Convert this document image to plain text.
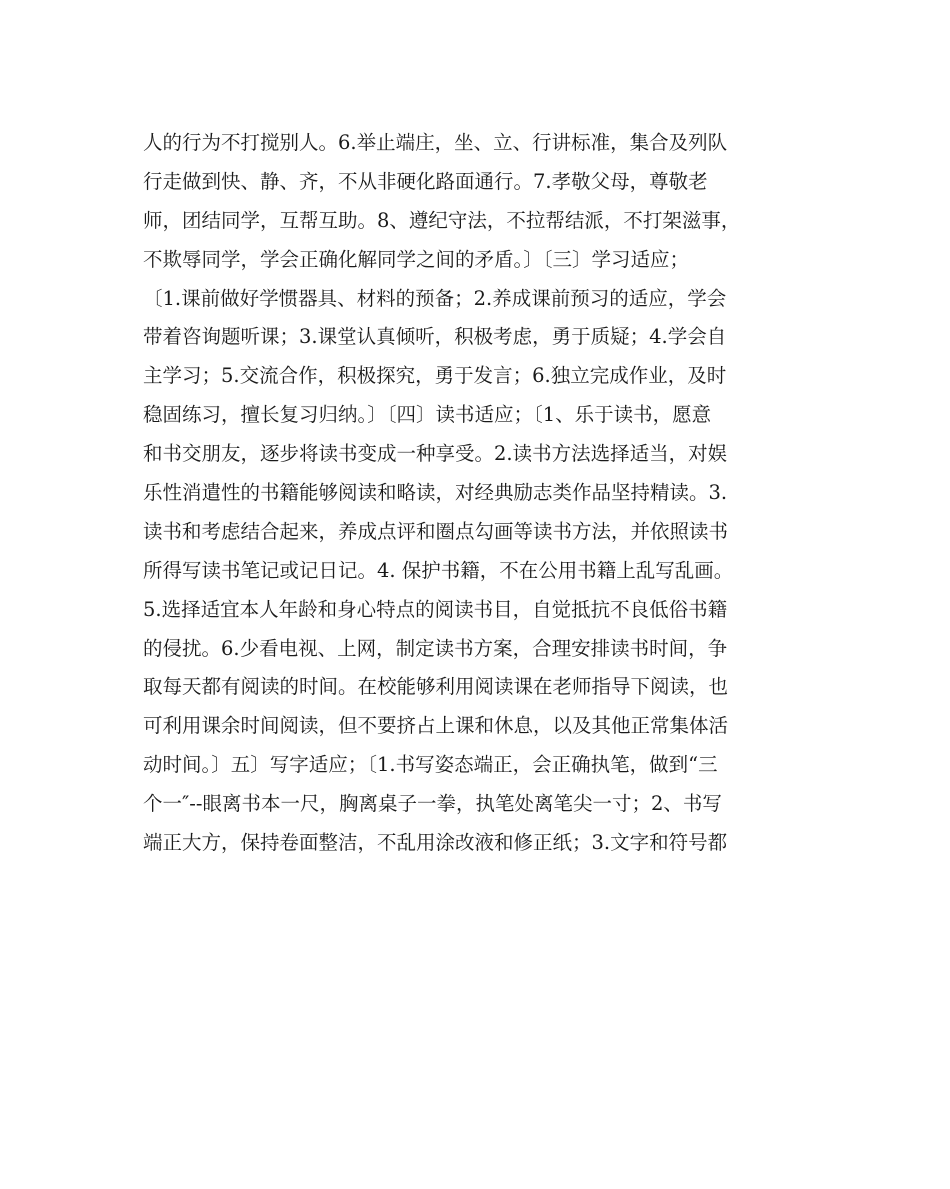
人的行为不打搅别人。6.举止端庄，坐、立、行讲标准，集合及列队
行走做到快、静、齐，不从非硬化路面通行。7.孝敬父母，尊敬老
师，团结同学，互帮互助。8、遵纪守法，不拉帮结派，不打架滋事，
不欺辱同学，学会正确化解同学之间的矛盾。〕〔三〕学习适应；
〔1.课前做好学惯器具、材料的预备；2.养成课前预习的适应，学会
带着咨询题听课；3.课堂认真倾听，积极考虑，勇于质疑；4.学会自
主学习；5.交流合作，积极探究，勇于发言；6.独立完成作业，及时
稳固练习，擅长复习归纳。〕〔四〕读书适应；〔1、乐于读书，愿意
和书交朋友，逐步将读书变成一种享受。2.读书方法选择适当，对娱
乐性消遣性的书籍能够阅读和略读，对经典励志类作品坚持精读。3.
读书和考虑结合起来，养成点评和圈点勾画等读书方法，并依照读书
所得写读书笔记或记日记。4. 保护书籍，不在公用书籍上乱写乱画。
5.选择适宜本人年龄和身心特点的阅读书目，自觉抵抗不良低俗书籍
的侵扰。6.少看电视、上网，制定读书方案，合理安排读书时间，争
取每天都有阅读的时间。在校能够利用阅读课在老师指导下阅读，也
可利用课余时间阅读，但不要挤占上课和休息，以及其他正常集体活
动时间。〕五〕写字适应；〔1.书写姿态端正，会正确执笔，做到“三
个一″--眼离书本一尺，胸离桌子一拳，执笔处离笔尖一寸；2、书写
端正大方，保持卷面整洁，不乱用涂改液和修正纸；3.文字和符号都
